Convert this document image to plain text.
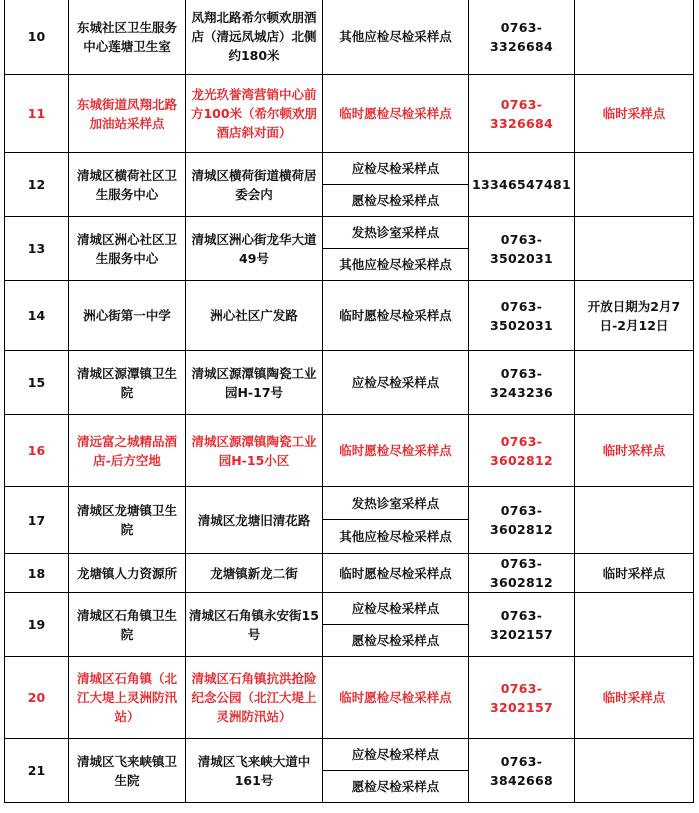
10	东城社区卫生服务中心莲塘卫生室	凤翔北路希尔顿欢朋酒店（清远凤城店）北侧约180米	其他应检尽检采样点	0763-3326684	
11	东城街道凤翔北路加油站采样点	龙光玖誉湾营销中心前方100米（希尔顿欢朋酒店斜对面）	临时愿检尽检采样点	0763-3326684	临时采样点
12	清城区横荷社区卫生服务中心	清城区横荷街道横荷居委会内	应检尽检采样点	13346547481	
			愿检尽检采样点		
13	清城区洲心社区卫生服务中心	清城区洲心街龙华大道49号	发热诊室采样点	0763-3502031	
			其他应检尽检采样点		
14	洲心街第一中学	洲心社区广发路	临时愿检尽检采样点	0763-3502031	开放日期为2月7日-2月12日
15	清城区源潭镇卫生院	清城区源潭镇陶瓷工业园H-17号	应检尽检采样点	0763-3243236	
16	清远富之城精品酒店-后方空地	清城区源潭镇陶瓷工业园H-15小区	临时愿检尽检采样点	0763-3602812	临时采样点
17	清城区龙塘镇卫生院	清城区龙塘旧清花路	发热诊室采样点	0763-3602812	
			其他应检尽检采样点		
18	龙塘镇人力资源所	龙塘镇新龙二街	临时愿检尽检采样点	0763-3602812	临时采样点
19	清城区石角镇卫生院	清城区石角镇永安街15号	应检尽检采样点	0763-3202157	
			愿检尽检采样点		
20	清城区石角镇（北江大堤上灵洲防汛站）	清城区石角镇抗洪抢险纪念公园（北江大堤上灵洲防汛站）	临时愿检尽检采样点	0763-3202157	临时采样点
21	清城区飞来峡镇卫生院	清城区飞来峡大道中161号	应检尽检采样点	0763-3842668	
			愿检尽检采样点		
